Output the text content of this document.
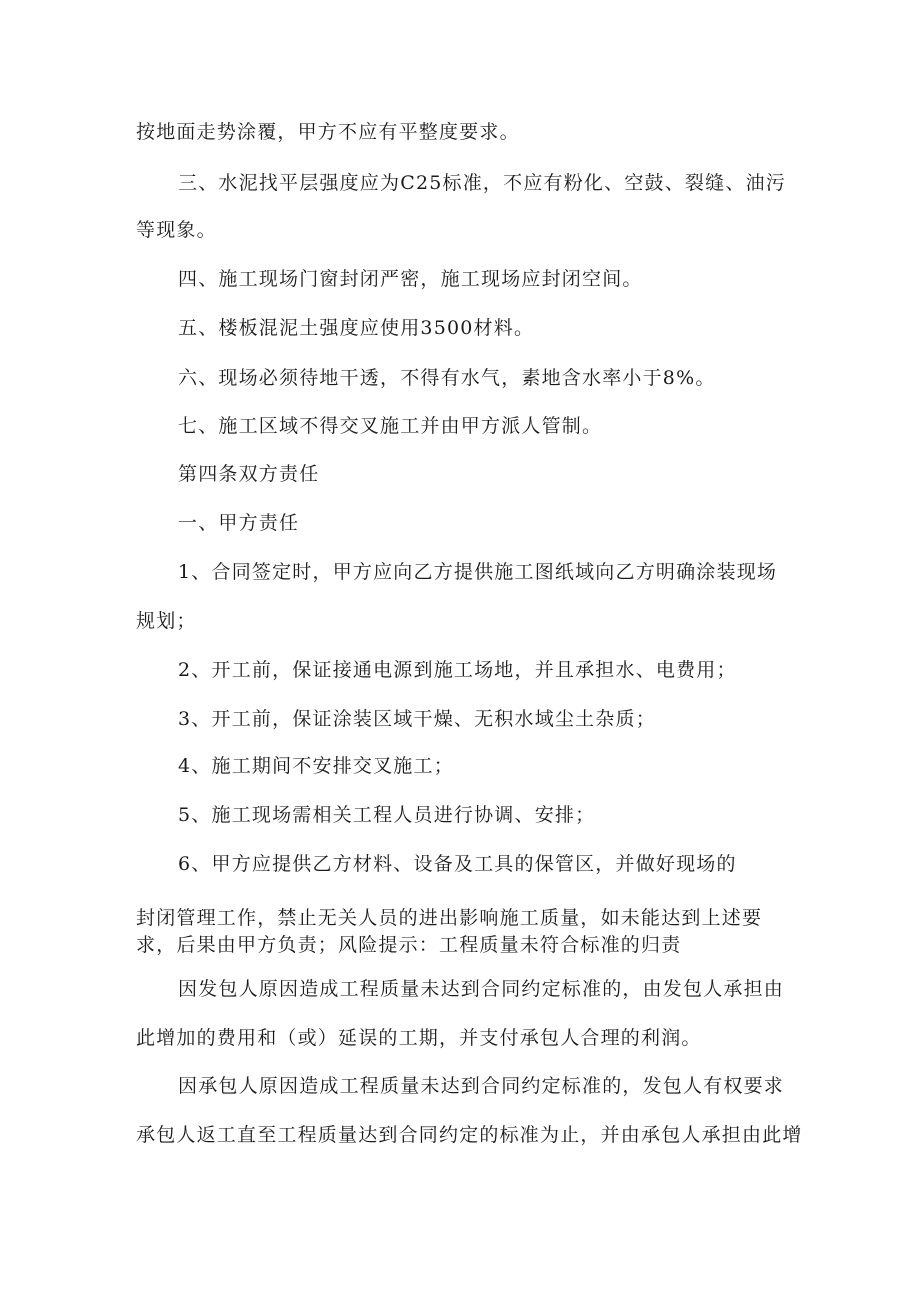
按地面走势涂覆，甲方不应有平整度要求。

三、水泥找平层强度应为C25标准，不应有粉化、空鼓、裂缝、油污

等现象。

四、施工现场门窗封闭严密，施工现场应封闭空间。

五、楼板混泥土强度应使用3500材料。

六、现场必须待地干透，不得有水气，素地含水率小于8%。

七、施工区域不得交叉施工并由甲方派人管制。

第四条双方责任

一、甲方责任

1、合同签定时，甲方应向乙方提供施工图纸域向乙方明确涂装现场

规划；

2、开工前，保证接通电源到施工场地，并且承担水、电费用；

3、开工前，保证涂装区域干燥、无积水域尘土杂质；

4、施工期间不安排交叉施工；

5、施工现场需相关工程人员进行协调、安排；

6、甲方应提供乙方材料、设备及工具的保管区，并做好现场的

封闭管理工作，禁止无关人员的进出影响施工质量，如未能达到上述要

求，后果由甲方负责；风险提示：工程质量未符合标准的归责

因发包人原因造成工程质量未达到合同约定标准的，由发包人承担由

此增加的费用和（或）延误的工期，并支付承包人合理的利润。

因承包人原因造成工程质量未达到合同约定标准的，发包人有权要求

承包人返工直至工程质量达到合同约定的标准为止，并由承包人承担由此增
